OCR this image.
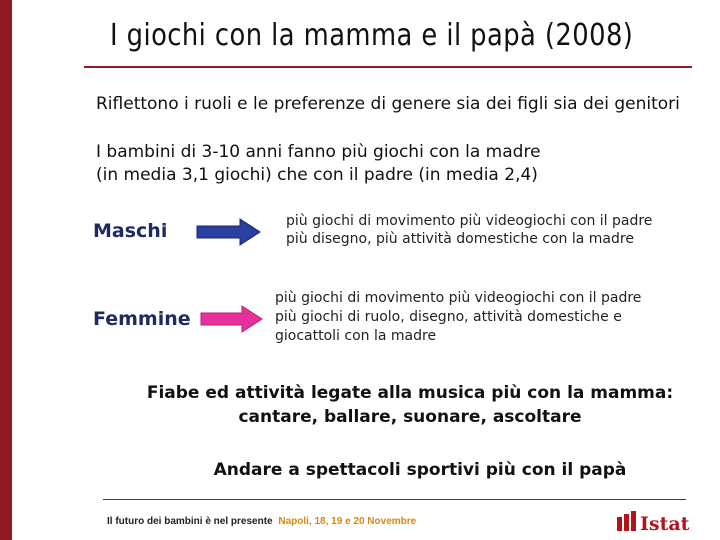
I giochi con la mamma e il papà (2008)
Riflettono i ruoli e le preferenze di genere sia dei figli sia dei genitori
I bambini di 3-10 anni fanno più giochi con la madre
(in media 3,1 giochi) che con il padre (in media 2,4)
Maschi	più giochi di movimento più videogiochi con il padre
più disegno, più attività domestiche con la madre
Femmine
più giochi di movimento più videogiochi con il padre
più giochi di ruolo, disegno, attività domestiche e
giocattoli con la madre
Fiabe ed attività legate alla musica più con la mamma:
cantare, ballare, suonare, ascoltare
Andare a spettacoli sportivi più con il papà
Il futuro dei bambini è nel presente Napoli, 18, 19 e 20 Novembre	Istat
